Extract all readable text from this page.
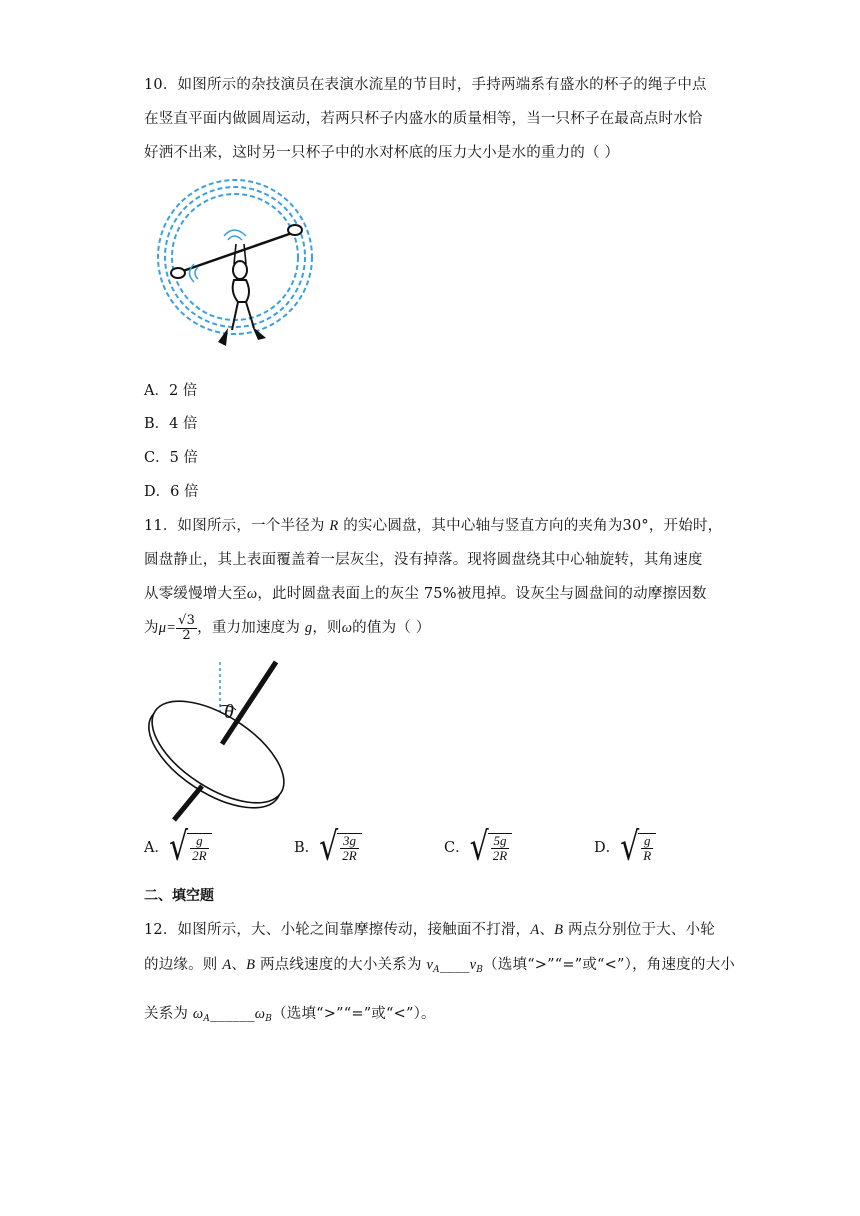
10．如图所示的杂技演员在表演水流星的节目时，手持两端系有盛水的杯子的绳子中点
在竖直平面内做圆周运动，若两只杯子内盛水的质量相等，当一只杯子在最高点时水恰
好洒不出来，这时另一只杯子中的水对杯底的压力大小是水的重力的（ ）
A．2 倍
B．4 倍
C．5 倍
D．6 倍
11．如图所示，一个半径为 R 的实心圆盘，其中心轴与竖直方向的夹角为30°，开始时，
圆盘静止，其上表面覆盖着一层灰尘，没有掉落。现将圆盘绕其中心轴旋转，其角速度
从零缓慢增大至ω，此时圆盘表面上的灰尘 75%被甩掉。设灰尘与圆盘间的动摩擦因数
为$\mu= \frac{√3}{2}$ ，重力加速度为 g，则ω的值为（ ）
θ
A． √ $\frac{g}{2R}$	B． √ $\frac{3g}{2R}$	C． √ $\frac{5g}{2R}$	D． √ $\frac{g}{R}$
二、填空题
12．如图所示，大、小轮之间靠摩擦传动，接触面不打滑，A、B 两点分别位于大、小轮
的边缘。则 A、B 两点线速度的大小关系为 $v_A\_\_\_\_v_B$（选填“>”“=”或“<”），角速度的大小
关系为 $\omega_A\_\_\_\_\_\_\omega_B$（选填“>”“=”或“<”）。
